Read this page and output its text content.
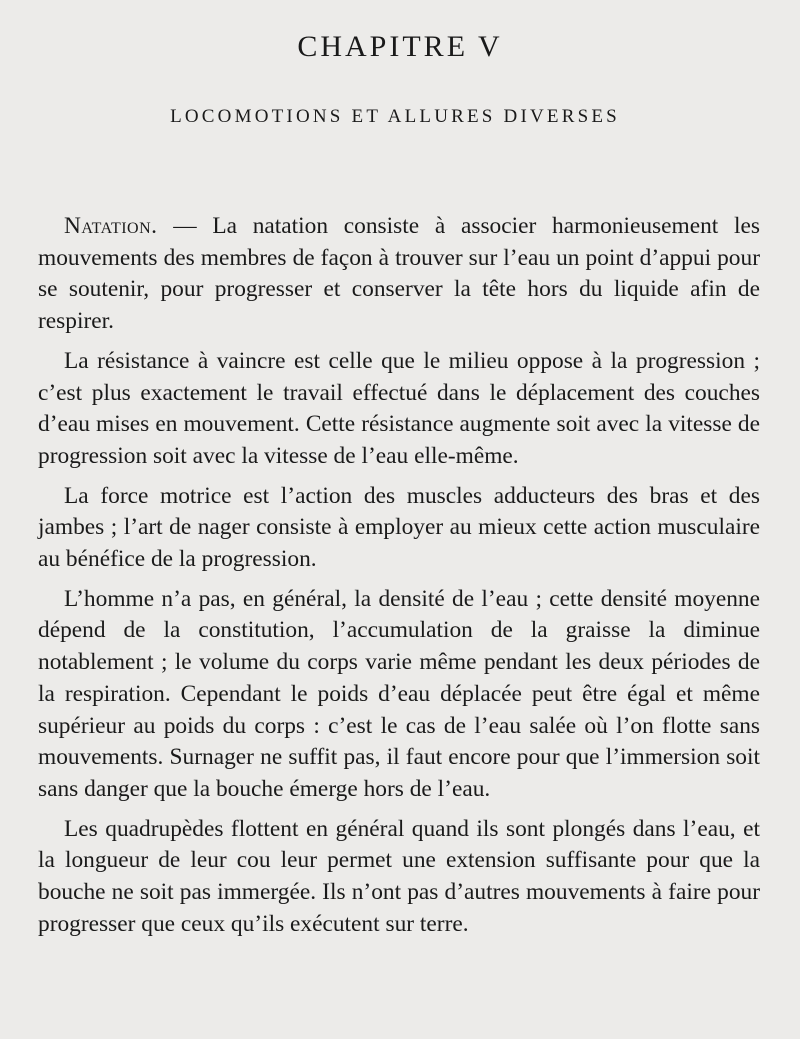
CHAPITRE V
LOCOMOTIONS ET ALLURES DIVERSES

Natation. — La natation consiste à associer harmonieusement les mouvements des membres de façon à trouver sur l’eau un point d’appui pour se soutenir, pour progresser et conserver la tête hors du liquide afin de respirer.

La résistance à vaincre est celle que le milieu oppose à la progression ; c’est plus exactement le travail effectué dans le déplacement des couches d’eau mises en mouvement. Cette résistance augmente soit avec la vitesse de progression soit avec la vitesse de l’eau elle-même.

La force motrice est l’action des muscles adducteurs des bras et des jambes ; l’art de nager consiste à employer au mieux cette action musculaire au bénéfice de la progression.

L’homme n’a pas, en général, la densité de l’eau ; cette densité moyenne dépend de la constitution, l’accumulation de la graisse la diminue notablement ; le volume du corps varie même pendant les deux périodes de la respiration. Cependant le poids d’eau déplacée peut être égal et même supérieur au poids du corps : c’est le cas de l’eau salée où l’on flotte sans mouvements. Surnager ne suffit pas, il faut encore pour que l’immersion soit sans danger que la bouche émerge hors de l’eau.

Les quadrupèdes flottent en général quand ils sont plongés dans l’eau, et la longueur de leur cou leur permet une extension suffisante pour que la bouche ne soit pas immergée. Ils n’ont pas d’autres mouvements à faire pour progresser que ceux qu’ils exécutent sur terre.
